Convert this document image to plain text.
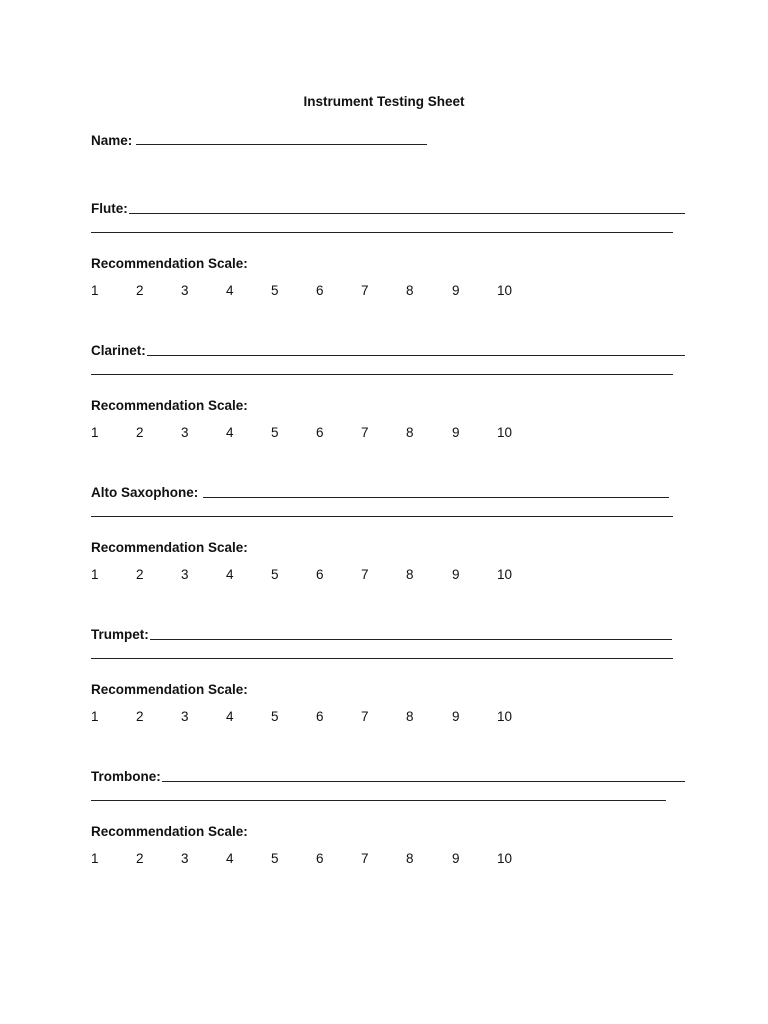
Instrument Testing Sheet
Name:
Flute:
Recommendation Scale:
1	2	3	4	5	6	7	8	9	10
Clarinet:
Recommendation Scale:
1	2	3	4	5	6	7	8	9	10
Alto Saxophone:
Recommendation Scale:
1	2	3	4	5	6	7	8	9	10
Trumpet:
Recommendation Scale:
1	2	3	4	5	6	7	8	9	10
Trombone:
Recommendation Scale:
1	2	3	4	5	6	7	8	9	10
